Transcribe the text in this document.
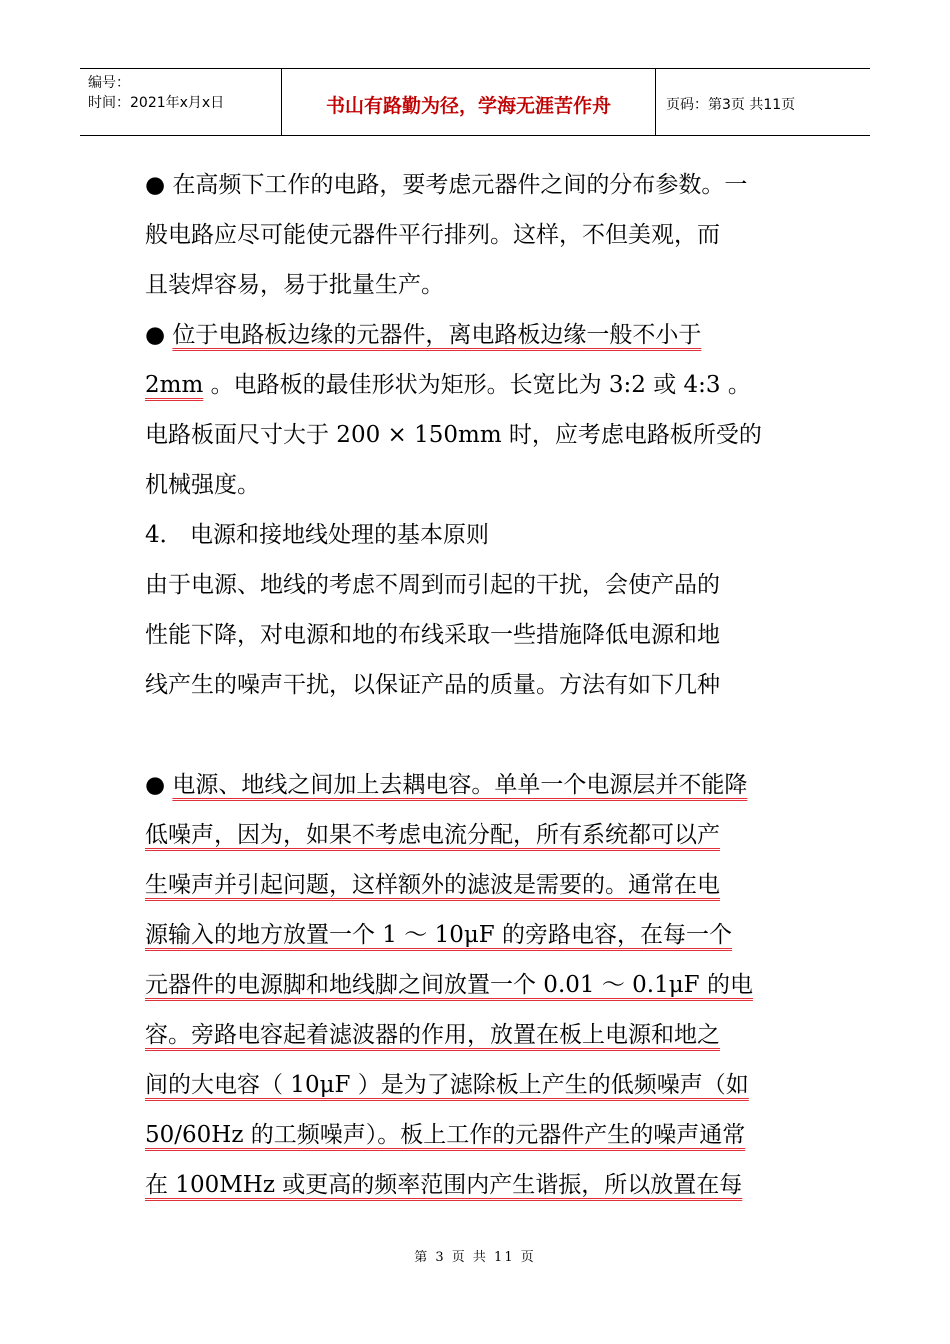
编号：
时间：2021年x月x日	书山有路勤为径，学海无涯苦作舟	页码：第3页 共11页
● 在高频下工作的电路，要考虑元器件之间的分布参数。一
般电路应尽可能使元器件平行排列。这样，不但美观，而
且装焊容易，易于批量生产。
● 位于电路板边缘的元器件，离电路板边缘一般不小于
2mm 。电路板的最佳形状为矩形。长宽比为 3:2 或 4:3 。
电路板面尺寸大于 200 × 150mm 时，应考虑电路板所受的
机械强度。
4． 电源和接地线处理的基本原则
由于电源、地线的考虑不周到而引起的干扰，会使产品的
性能下降，对电源和地的布线采取一些措施降低电源和地
线产生的噪声干扰，以保证产品的质量。方法有如下几种
● 电源、地线之间加上去耦电容。单单一个电源层并不能降
低噪声，因为，如果不考虑电流分配，所有系统都可以产
生噪声并引起问题，这样额外的滤波是需要的。通常在电
源输入的地方放置一个 1 ～ 10μF 的旁路电容，在每一个
元器件的电源脚和地线脚之间放置一个 0.01 ～ 0.1μF 的电
容。旁路电容起着滤波器的作用，放置在板上电源和地之
间的大电容（ 10μF ）是为了滤除板上产生的低频噪声（如
50/60Hz 的工频噪声）。板上工作的元器件产生的噪声通常
在 100MHz 或更高的频率范围内产生谐振，所以放置在每
第 3 页 共 11 页
